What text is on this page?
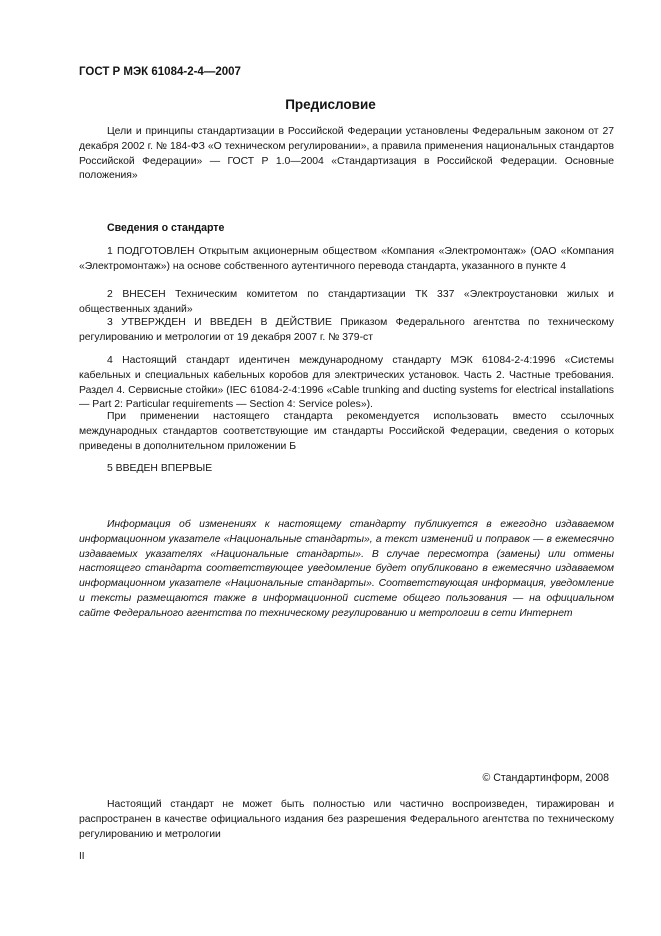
ГОСТ Р МЭК 61084-2-4—2007

Предисловие

Цели и принципы стандартизации в Российской Федерации установлены Федеральным законом от 27 декабря 2002 г. № 184-ФЗ «О техническом регулировании», а правила применения национальных стандартов Российской Федерации» — ГОСТ Р 1.0—2004 «Стандартизация в Российской Федерации. Основные положения»

Сведения о стандарте

1 ПОДГОТОВЛЕН Открытым акционерным обществом «Компания «Электромонтаж» (ОАО «Компания «Электромонтаж») на основе собственного аутентичного перевода стандарта, указанного в пункте 4

2 ВНЕСЕН Техническим комитетом по стандартизации ТК 337 «Электроустановки жилых и общественных зданий»

3 УТВЕРЖДЕН И ВВЕДЕН В ДЕЙСТВИЕ Приказом Федерального агентства по техническому регулированию и метрологии от 19 декабря 2007 г. № 379-ст

4 Настоящий стандарт идентичен международному стандарту МЭК 61084-2-4:1996 «Системы кабельных и специальных кабельных коробов для электрических установок. Часть 2. Частные требования. Раздел 4. Сервисные стойки» (IEC 61084-2-4:1996 «Cable trunking and ducting systems for electrical installations — Part 2: Particular requirements — Section 4: Service poles»).

При применении настоящего стандарта рекомендуется использовать вместо ссылочных международных стандартов соответствующие им стандарты Российской Федерации, сведения о которых приведены в дополнительном приложении Б

5 ВВЕДЕН ВПЕРВЫЕ

Информация об изменениях к настоящему стандарту публикуется в ежегодно издаваемом информационном указателе «Национальные стандарты», а текст изменений и поправок — в ежемесячно издаваемых указателях «Национальные стандарты». В случае пересмотра (замены) или отмены настоящего стандарта соответствующее уведомление будет опубликовано в ежемесячно издаваемом информационном указателе «Национальные стандарты». Соответствующая информация, уведомление и тексты размещаются также в информационной системе общего пользования — на официальном сайте Федерального агентства по техническому регулированию и метрологии в сети Интернет

© Стандартинформ, 2008

Настоящий стандарт не может быть полностью или частично воспроизведен, тиражирован и распространен в качестве официального издания без разрешения Федерального агентства по техническому регулированию и метрологии

II
